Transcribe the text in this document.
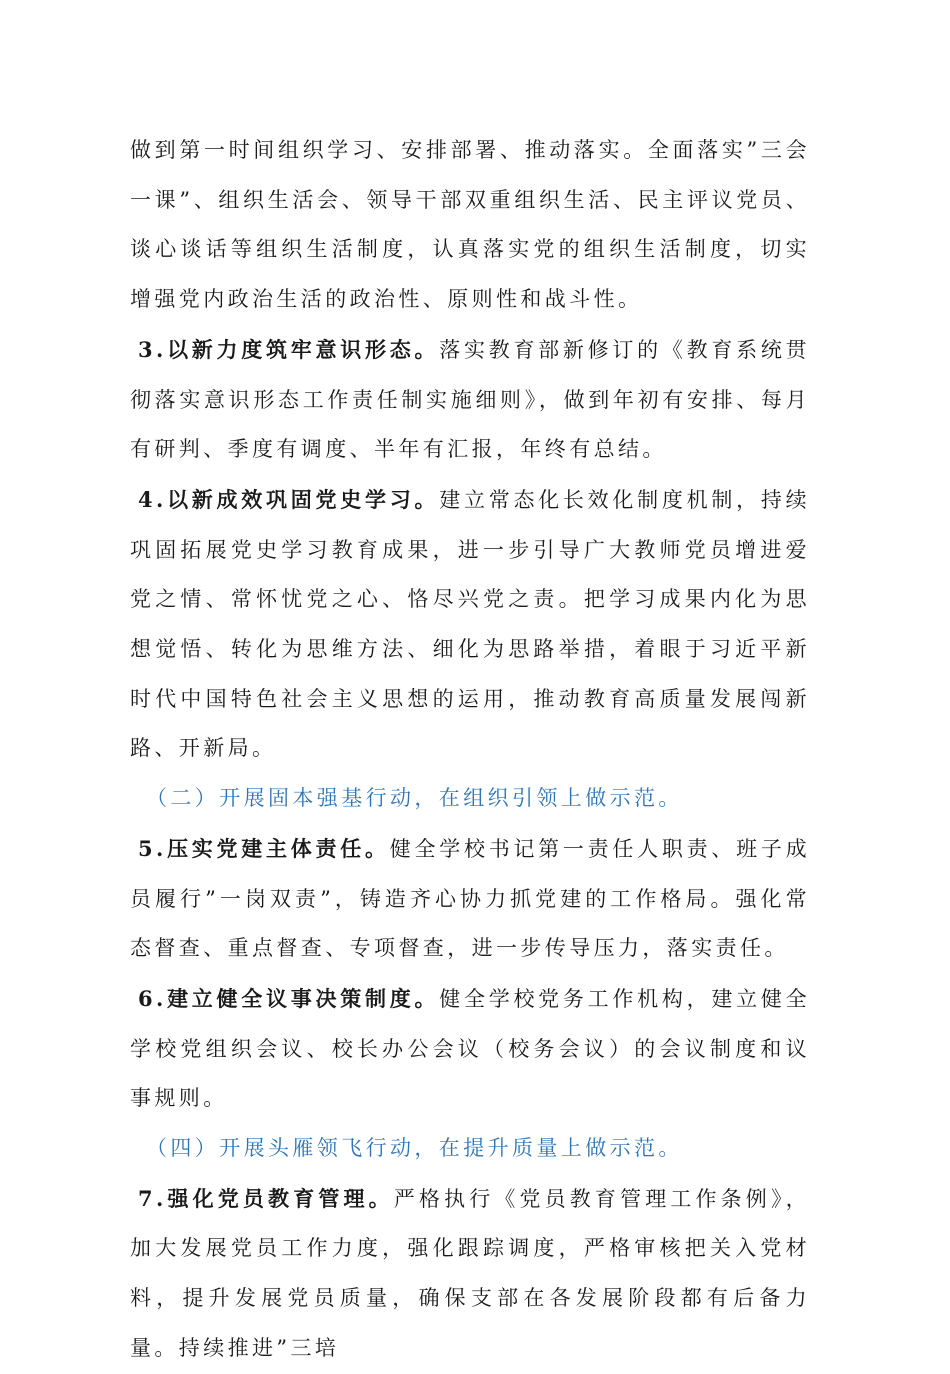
做到第一时间组织学习、安排部署、推动落实。全面落实”三会一课”、组织生活会、领导干部双重组织生活、民主评议党员、谈心谈话等组织生活制度，认真落实党的组织生活制度，切实增强党内政治生活的政治性、原则性和战斗性。

3.以新力度筑牢意识形态。落实教育部新修订的《教育系统贯彻落实意识形态工作责任制实施细则》，做到年初有安排、每月有研判、季度有调度、半年有汇报，年终有总结。

4.以新成效巩固党史学习。建立常态化长效化制度机制，持续巩固拓展党史学习教育成果，进一步引导广大教师党员增进爱党之情、常怀忧党之心、恪尽兴党之责。把学习成果内化为思想觉悟、转化为思维方法、细化为思路举措，着眼于习近平新时代中国特色社会主义思想的运用，推动教育高质量发展闯新路、开新局。

（二）开展固本强基行动，在组织引领上做示范。

5.压实党建主体责任。健全学校书记第一责任人职责、班子成员履行”一岗双责”，铸造齐心协力抓党建的工作格局。强化常态督查、重点督查、专项督查，进一步传导压力，落实责任。

6.建立健全议事决策制度。健全学校党务工作机构，建立健全学校党组织会议、校长办公会议（校务会议）的会议制度和议事规则。

（四）开展头雁领飞行动，在提升质量上做示范。

7.强化党员教育管理。严格执行《党员教育管理工作条例》，加大发展党员工作力度，强化跟踪调度，严格审核把关入党材料，提升发展党员质量，确保支部在各发展阶段都有后备力量。持续推进”三培
